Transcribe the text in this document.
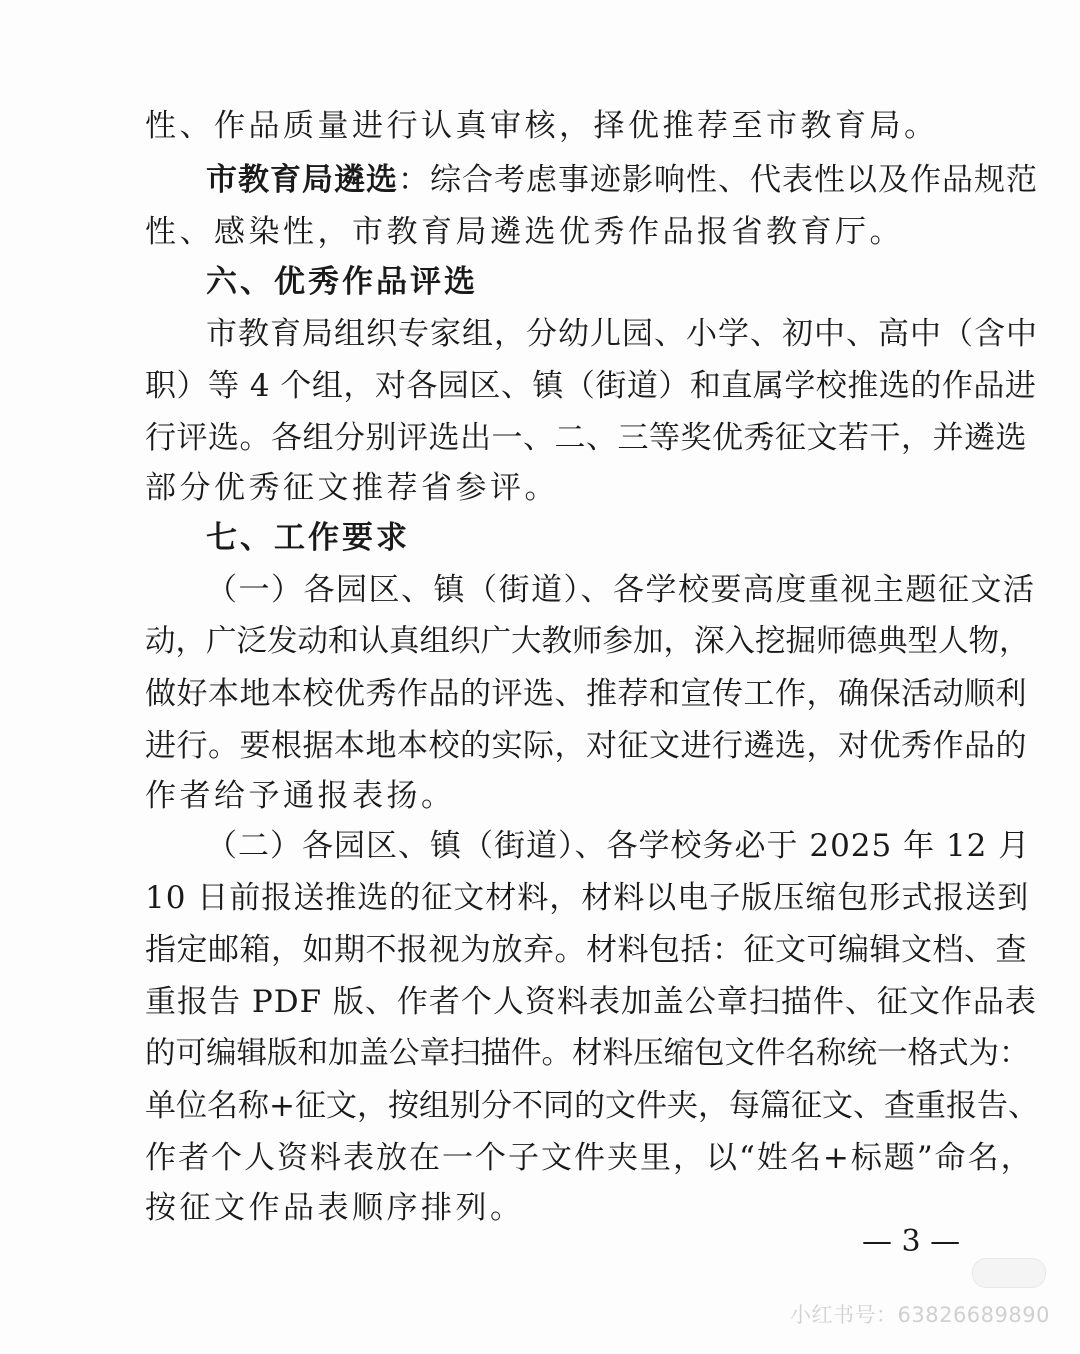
性、作品质量进行认真审核，择优推荐至市教育局。
市教育局遴选：综合考虑事迹影响性、代表性以及作品规范
性、感染性，市教育局遴选优秀作品报省教育厅。
六、优秀作品评选
市教育局组织专家组，分幼儿园、小学、初中、高中（含中
职）等 4 个组，对各园区、镇（街道）和直属学校推选的作品进
行评选。各组分别评选出一、二、三等奖优秀征文若干，并遴选
部分优秀征文推荐省参评。
七、工作要求
（一）各园区、镇（街道）、各学校要高度重视主题征文活
动，广泛发动和认真组织广大教师参加，深入挖掘师德典型人物，
做好本地本校优秀作品的评选、推荐和宣传工作，确保活动顺利
进行。要根据本地本校的实际，对征文进行遴选，对优秀作品的
作者给予通报表扬。
（二）各园区、镇（街道）、各学校务必于 2025 年 12 月
10 日前报送推选的征文材料，材料以电子版压缩包形式报送到
指定邮箱，如期不报视为放弃。材料包括：征文可编辑文档、查
重报告 PDF 版、作者个人资料表加盖公章扫描件、征文作品表
的可编辑版和加盖公章扫描件。材料压缩包文件名称统一格式为：
单位名称+征文，按组别分不同的文件夹，每篇征文、查重报告、
作者个人资料表放在一个子文件夹里，以“姓名+标题”命名，
按征文作品表顺序排列。
— 3 —
小红书号：63826689890
